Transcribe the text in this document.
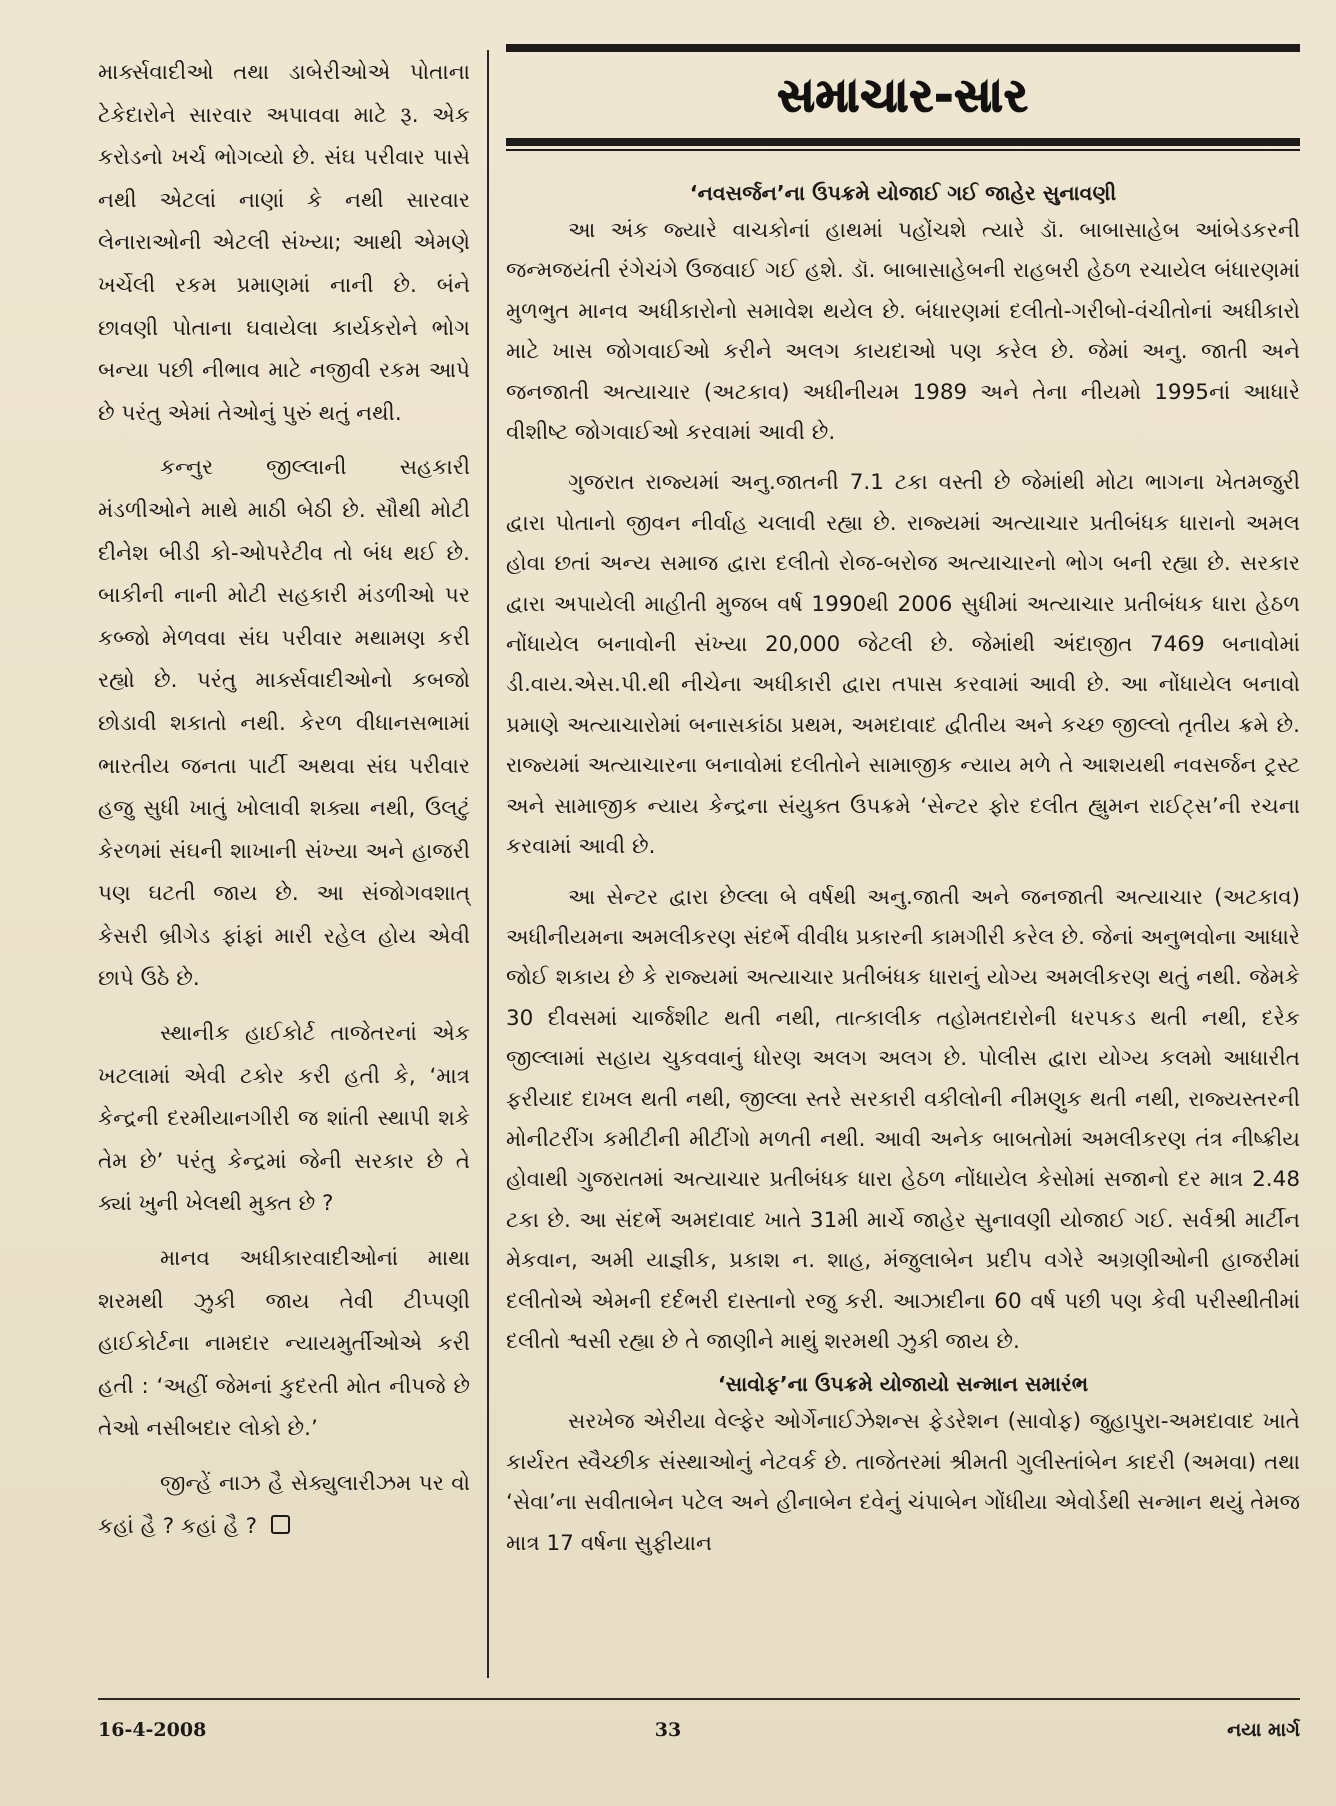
માર્ક્સવાદીઓ તથા ડાબેરીઓએ પોતાના ટેકેદારોને સારવાર અપાવવા માટે રૂ. એક કરોડનો ખર્ચ ભોગવ્યો છે. સંઘ પરીવાર પાસે નથી એટલાં નાણાં કે નથી સારવાર લેનારાઓની એટલી સંખ્યા; આથી એમણે ખર્ચેલી રકમ પ્રમાણમાં નાની છે. બંને છાવણી પોતાના ઘવાયેલા કાર્યકરોને ભોગ બન્યા પછી નીભાવ માટે નજીવી રકમ આપે છે પરંતુ એમાં તેઓનું પુરું થતું નથી.

કન્નુર જીલ્લાની સહકારી મંડળીઓને માથે માઠી બેઠી છે. સૌથી મોટી દીનેશ બીડી કો-ઓપરેટીવ તો બંધ થઈ છે. બાકીની નાની મોટી સહકારી મંડળીઓ પર કબ્જો મેળવવા સંઘ પરીવાર મથામણ કરી રહ્યો છે. પરંતુ માર્ક્સવાદીઓનો કબજો છોડાવી શકાતો નથી. કેરળ વીધાનસભામાં ભારતીય જનતા પાર્ટી અથવા સંઘ પરીવાર હજુ સુધી ખાતું ખોલાવી શક્યા નથી, ઉલટું કેરળમાં સંઘની શાખાની સંખ્યા અને હાજરી પણ ઘટતી જાય છે. આ સંજોગવશાત્ કેસરી બ્રીગેડ ફાંફાં મારી રહેલ હોય એવી છાપે ઉઠે છે.

સ્થાનીક હાઈકોર્ટ તાજેતરનાં એક ખટલામાં એવી ટકોર કરી હતી કે, ‘માત્ર કેન્દ્રની દરમીયાનગીરી જ શાંતી સ્થાપી શકે તેમ છે’ પરંતુ કેન્દ્રમાં જેની સરકાર છે તે ક્યાં ખુની ખેલથી મુક્ત છે ?

માનવ અધીકારવાદીઓનાં માથા શરમથી ઝુકી જાય તેવી ટીપ્પણી હાઈકોર્ટના નામદાર ન્યાયમુર્તીઓએ કરી હતી : ‘અહીં જેમનાં કુદરતી મોત નીપજે છે તેઓ નસીબદાર લોકો છે.’

જીન્હેં નાઝ હૈ સેક્યુલારીઝમ પર વો કહાં હૈ ? કહાં હૈ ?

સમાચાર-સાર
‘નવસર્જન’ના ઉપક્રમે યોજાઈ ગઈ જાહેર સુનાવણી

આ અંક જ્યારે વાચકોનાં હાથમાં પહોંચશે ત્યારે ડૉ. બાબાસાહેબ આંબેડકરની જન્મજયંતી રંગેચંગે ઉજવાઈ ગઈ હશે. ડૉ. બાબાસાહેબની રાહબરી હેઠળ રચાયેલ બંધારણમાં મુળભુત માનવ અધીકારોનો સમાવેશ થયેલ છે. બંધારણમાં દલીતો-ગરીબો-વંચીતોનાં અધીકારો માટે ખાસ જોગવાઈઓ કરીને અલગ કાયદાઓ પણ કરેલ છે. જેમાં અનુ. જાતી અને જનજાતી અત્યાચાર (અટકાવ) અધીનીયમ 1989 અને તેના નીયમો 1995નાં આધારે વીશીષ્ટ જોગવાઈઓ કરવામાં આવી છે.

ગુજરાત રાજ્યમાં અનુ.જાતની 7.1 ટકા વસ્તી છે જેમાંથી મોટા ભાગના ખેતમજુરી દ્વારા પોતાનો જીવન નીર્વાહ ચલાવી રહ્યા છે. રાજ્યમાં અત્યાચાર પ્રતીબંધક ધારાનો અમલ હોવા છતાં અન્ય સમાજ દ્વારા દલીતો રોજ-બરોજ અત્યાચારનો ભોગ બની રહ્યા છે. સરકાર દ્વારા અપાયેલી માહીતી મુજબ વર્ષ 1990થી 2006 સુધીમાં અત્યાચાર પ્રતીબંધક ધારા હેઠળ નોંધાયેલ બનાવોની સંખ્યા 20,000 જેટલી છે. જેમાંથી અંદાજીત 7469 બનાવોમાં ડી.વાય.એસ.પી.થી નીચેના અધીકારી દ્વારા તપાસ કરવામાં આવી છે. આ નોંધાયેલ બનાવો પ્રમાણે અત્યાચારોમાં બનાસકાંઠા પ્રથમ, અમદાવાદ દ્વીતીય અને કચ્છ જીલ્લો તૃતીય ક્રમે છે. રાજ્યમાં અત્યાચારના બનાવોમાં દલીતોને સામાજીક ન્યાય મળે તે આશયથી નવસર્જન ટ્રસ્ટ અને સામાજીક ન્યાય કેન્દ્રના સંયુક્ત ઉપક્રમે ‘સેન્ટર ફોર દલીત હ્યુમન રાઈટ્સ’ની રચના કરવામાં આવી છે.

આ સેન્ટર દ્વારા છેલ્લા બે વર્ષથી અનુ.જાતી અને જનજાતી અત્યાચાર (અટકાવ) અધીનીયમના અમલીકરણ સંદર્ભે વીવીધ પ્રકારની કામગીરી કરેલ છે. જેનાં અનુભવોના આધારે જોઈ શકાય છે કે રાજ્યમાં અત્યાચાર પ્રતીબંધક ધારાનું યોગ્ય અમલીકરણ થતું નથી. જેમકે 30 દીવસમાં ચાર્જશીટ થતી નથી, તાત્કાલીક તહોમતદારોની ધરપકડ થતી નથી, દરેક જીલ્લામાં સહાય ચુકવવાનું ધોરણ અલગ અલગ છે. પોલીસ દ્વારા યોગ્ય કલમો આધારીત ફરીયાદ દાખલ થતી નથી, જીલ્લા સ્તરે સરકારી વકીલોની નીમણુક થતી નથી, રાજ્યસ્તરની મોનીટરીંગ કમીટીની મીટીંગો મળતી નથી. આવી અનેક બાબતોમાં અમલીકરણ તંત્ર નીષ્ક્રીય હોવાથી ગુજરાતમાં અત્યાચાર પ્રતીબંધક ધારા હેઠળ નોંધાયેલ કેસોમાં સજાનો દર માત્ર 2.48 ટકા છે. આ સંદર્ભે અમદાવાદ ખાતે 31મી માર્ચે જાહેર સુનાવણી યોજાઈ ગઈ. સર્વશ્રી માર્ટીન મેકવાન, અમી યાજ્ઞીક, પ્રકાશ ન. શાહ, મંજુલાબેન પ્રદીપ વગેરે અગ્રણીઓની હાજરીમાં દલીતોએ એમની દર્દભરી દાસ્તાનો રજુ કરી. આઝાદીના 60 વર્ષ પછી પણ કેવી પરીસ્થીતીમાં દલીતો શ્વસી રહ્યા છે તે જાણીને માથું શરમથી ઝુકી જાય છે.

‘સાવોફ’ના ઉપક્રમે યોજાયો સન્માન સમારંભ

સરખેજ એરીયા વેલ્ફેર ઓર્ગેનાઈઝેશન્સ ફેડરેશન (સાવોફ) જુહાપુરા-અમદાવાદ ખાતે કાર્યરત સ્વૈચ્છીક સંસ્થાઓનું નેટવર્ક છે. તાજેતરમાં શ્રીમતી ગુલીસ્તાંબેન કાદરી (અમવા) તથા ‘સેવા’ના સવીતાબેન પટેલ અને હીનાબેન દવેનું ચંપાબેન ગોંધીયા એવોર્ડથી સન્માન થયું તેમજ માત્ર 17 વર્ષના સુફીયાન

16-4-2008	33	નયા માર્ગ
